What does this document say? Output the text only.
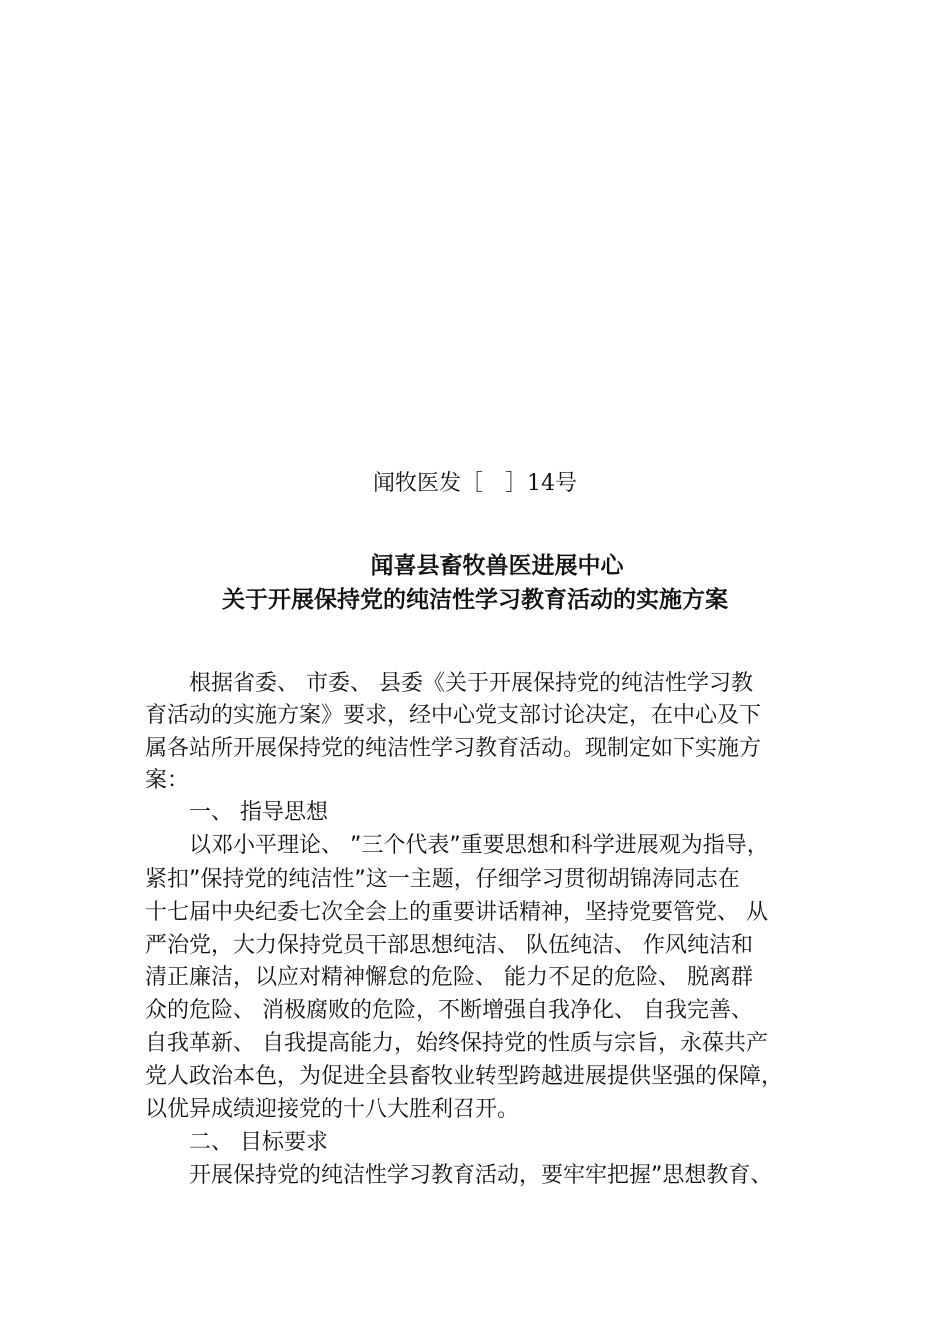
闻牧医发［　］14号
闻喜县畜牧兽医进展中心
关于开展保持党的纯洁性学习教育活动的实施方案
　　根据省委、 市委、 县委《关于开展保持党的纯洁性学习教
育活动的实施方案》要求，经中心党支部讨论决定，在中心及下
属各站所开展保持党的纯洁性学习教育活动。现制定如下实施方
案：
　　一、 指导思想
　　以邓小平理论、 ”三个代表”重要思想和科学进展观为指导，
紧扣”保持党的纯洁性”这一主题，仔细学习贯彻胡锦涛同志在
十七届中央纪委七次全会上的重要讲话精神，坚持党要管党、 从
严治党，大力保持党员干部思想纯洁、 队伍纯洁、 作风纯洁和
清正廉洁，以应对精神懈怠的危险、 能力不足的危险、 脱离群
众的危险、 消极腐败的危险，不断增强自我净化、 自我完善、
自我革新、 自我提高能力，始终保持党的性质与宗旨，永葆共产
党人政治本色，为促进全县畜牧业转型跨越进展提供坚强的保障，
以优异成绩迎接党的十八大胜利召开。
　　二、 目标要求
　　开展保持党的纯洁性学习教育活动，要牢牢把握”思想教育、
